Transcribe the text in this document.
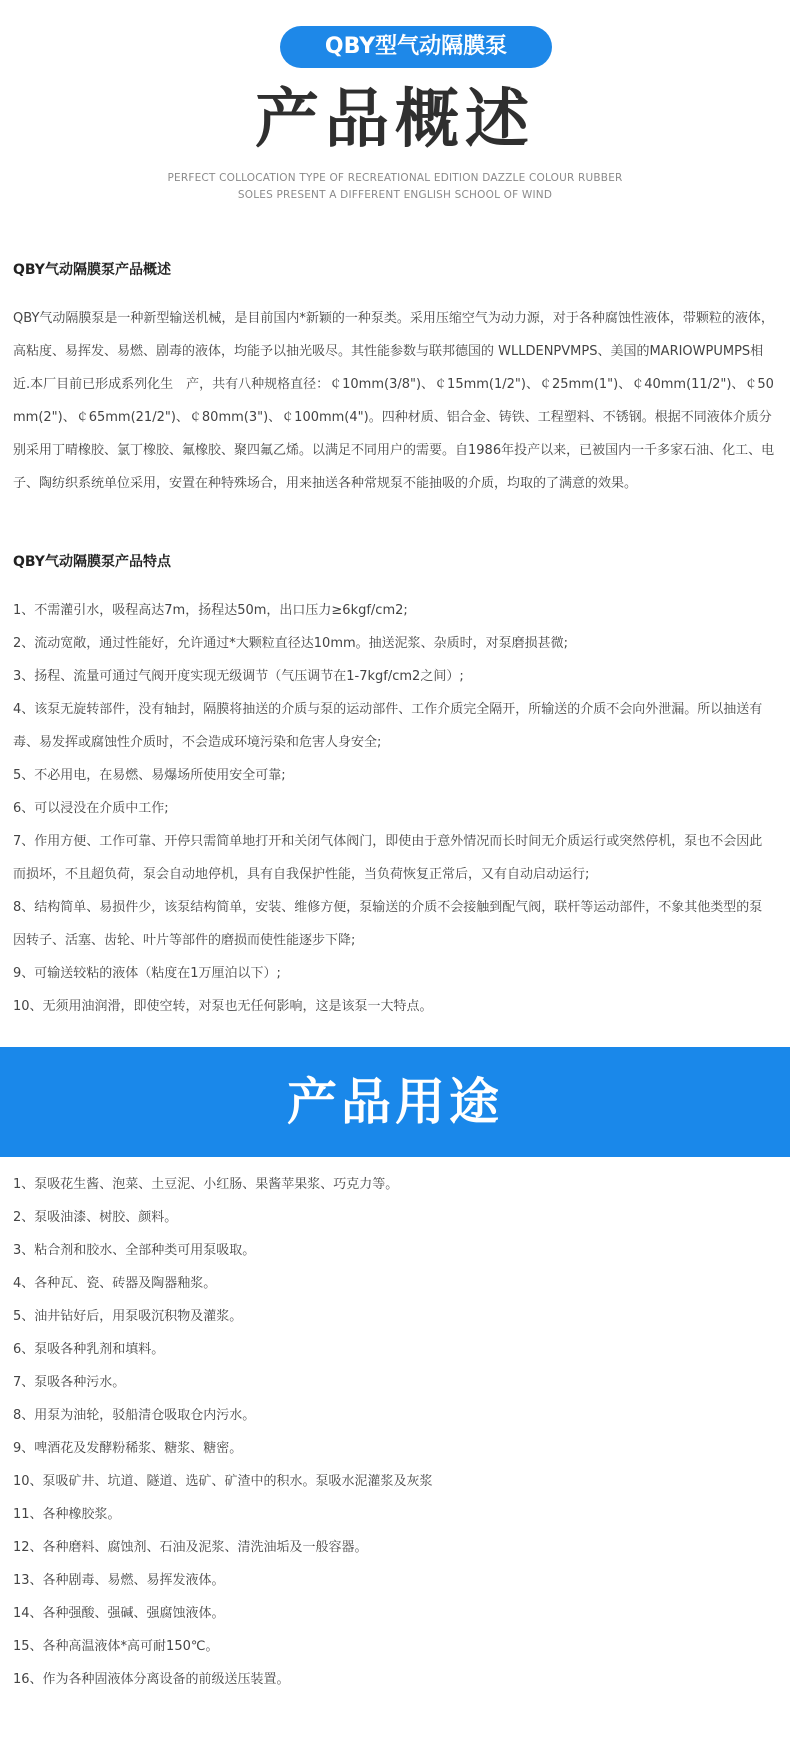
QBY型气动隔膜泵
产品概述
PERFECT COLLOCATION TYPE OF RECREATIONAL EDITION DAZZLE COLOUR RUBBER
SOLES PRESENT A DIFFERENT ENGLISH SCHOOL OF WIND

QBY气动隔膜泵产品概述

QBY气动隔膜泵是一种新型输送机械，是目前国内*新颖的一种泵类。采用压缩空气为动力源，对于各种腐蚀性液体，带颗粒的液体，高粘度、易挥发、易燃、剧毒的液体，均能予以抽光吸尽。其性能参数与联邦德国的 WLLDENPVMPS、美国的MARIOWPUMPS相近.本厂目前已形成系列化生　产，共有八种规格直径：￠10mm(3/8")、￠15mm(1/2")、￠25mm(1")、￠40mm(11/2")、￠50mm(2")、￠65mm(21/2")、￠80mm(3")、￠100mm(4")。四种材质、铝合金、铸铁、工程塑料、不锈钢。根据不同液体介质分别采用丁晴橡胶、氯丁橡胶、氟橡胶、聚四氟乙烯。以满足不同用户的需要。自1986年投产以来，已被国内一千多家石油、化工、电子、陶纺织系统单位采用，安置在种特殊场合，用来抽送各种常规泵不能抽吸的介质，均取的了满意的效果。

QBY气动隔膜泵产品特点

1、不需灌引水，吸程高达7m，扬程达50m，出口压力≥6kgf/cm2;

2、流动宽敞，通过性能好，允许通过*大颗粒直径达10mm。抽送泥浆、杂质时，对泵磨损甚微;

3、扬程、流量可通过气阀开度实现无级调节（气压调节在1-7kgf/cm2之间）;

4、该泵无旋转部件，没有轴封，隔膜将抽送的介质与泵的运动部件、工作介质完全隔开，所输送的介质不会向外泄漏。所以抽送有毒、易发挥或腐蚀性介质时，不会造成环境污染和危害人身安全;

5、不必用电，在易燃、易爆场所使用安全可靠;

6、可以浸没在介质中工作;

7、作用方便、工作可靠、开停只需简单地打开和关闭气体阀门，即使由于意外情况而长时间无介质运行或突然停机，泵也不会因此而损坏，不且超负荷，泵会自动地停机，具有自我保护性能，当负荷恢复正常后，又有自动启动运行;

8、结构简单、易损件少，该泵结构简单，安装、维修方便，泵输送的介质不会接触到配气阀，联杆等运动部件，不象其他类型的泵因转子、活塞、齿轮、叶片等部件的磨损而使性能逐步下降;

9、可输送较粘的液体（粘度在1万厘泊以下）;

10、无须用油润滑，即使空转，对泵也无任何影响，这是该泵一大特点。

产品用途

1、泵吸花生酱、泡菜、土豆泥、小红肠、果酱苹果浆、巧克力等。

2、泵吸油漆、树胶、颜料。

3、粘合剂和胶水、全部种类可用泵吸取。

4、各种瓦、瓷、砖器及陶器釉浆。

5、油井钻好后，用泵吸沉积物及灌浆。

6、泵吸各种乳剂和填料。

7、泵吸各种污水。

8、用泵为油轮，驳船清仓吸取仓内污水。

9、啤酒花及发酵粉稀浆、糖浆、糖密。

10、泵吸矿井、坑道、隧道、选矿、矿渣中的积水。泵吸水泥灌浆及灰浆

11、各种橡胶浆。

12、各种磨料、腐蚀剂、石油及泥浆、清洗油垢及一般容器。

13、各种剧毒、易燃、易挥发液体。

14、各种强酸、强碱、强腐蚀液体。

15、各种高温液体*高可耐150℃。

16、作为各种固液体分离设备的前级送压装置。
